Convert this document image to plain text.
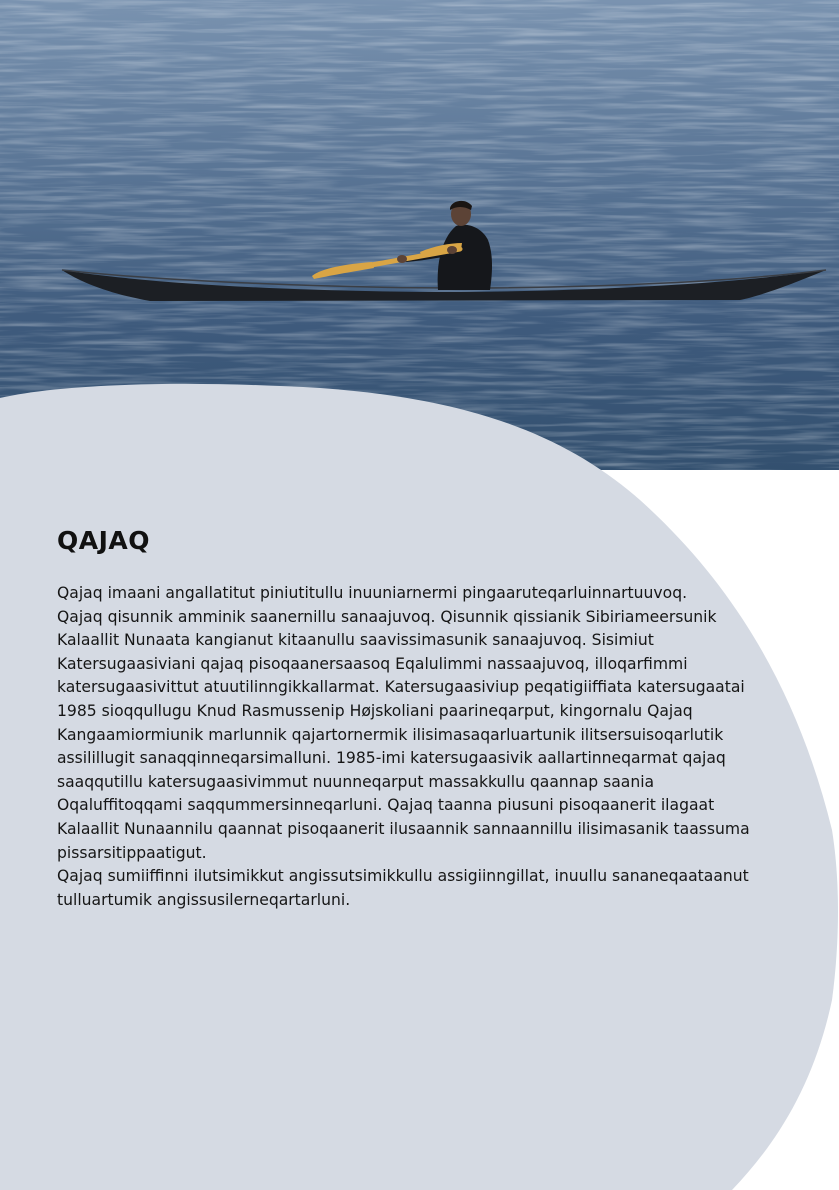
QAJAQ

Qajaq imaani angallatitut piniutitullu inuuniarnermi pingaaruteqarluinnartuuvoq.

Qajaq qisunnik amminik saanernillu sanaajuvoq. Qisunnik qissianik Sibiriameersunik Kalaallit Nunaata kangianut kitaanullu saavissimasunik sanaajuvoq. Sisimiut Katersugaasiviani qajaq pisoqaanersaasoq Eqalulimmi nassaajuvoq, illoqarfimmi katersugaasivittut atuutilinngikkallarmat. Katersugaasiviup peqatigiiffiata katersugaatai 1985 sioqqullugu Knud Rasmussenip Højskoliani paarineqarput, kingornalu Qajaq Kangaamiormiunik marlunnik qajartornermik ilisimasaqarluartunik ilitsersuisoqarlutik assilillugit sanaqqinneqarsimalluni. 1985-imi katersugaasivik aallartinneqarmat qajaq saaqqutillu katersugaasivimmut nuunneqarput massakkullu qaannap saania Oqaluffitoqqami saqqummersinneqarluni. Qajaq taanna piusuni pisoqaanerit ilagaat Kalaallit Nunaannilu qaannat pisoqaanerit ilusaannik sannaannillu ilisimasanik taassuma pissarsitippaatigut.

Qajaq sumiiffinni ilutsimikkut angissutsimikkullu assigiinngillat, inuullu sananeqaataanut tulluartumik angissusilerneqartarluni.
